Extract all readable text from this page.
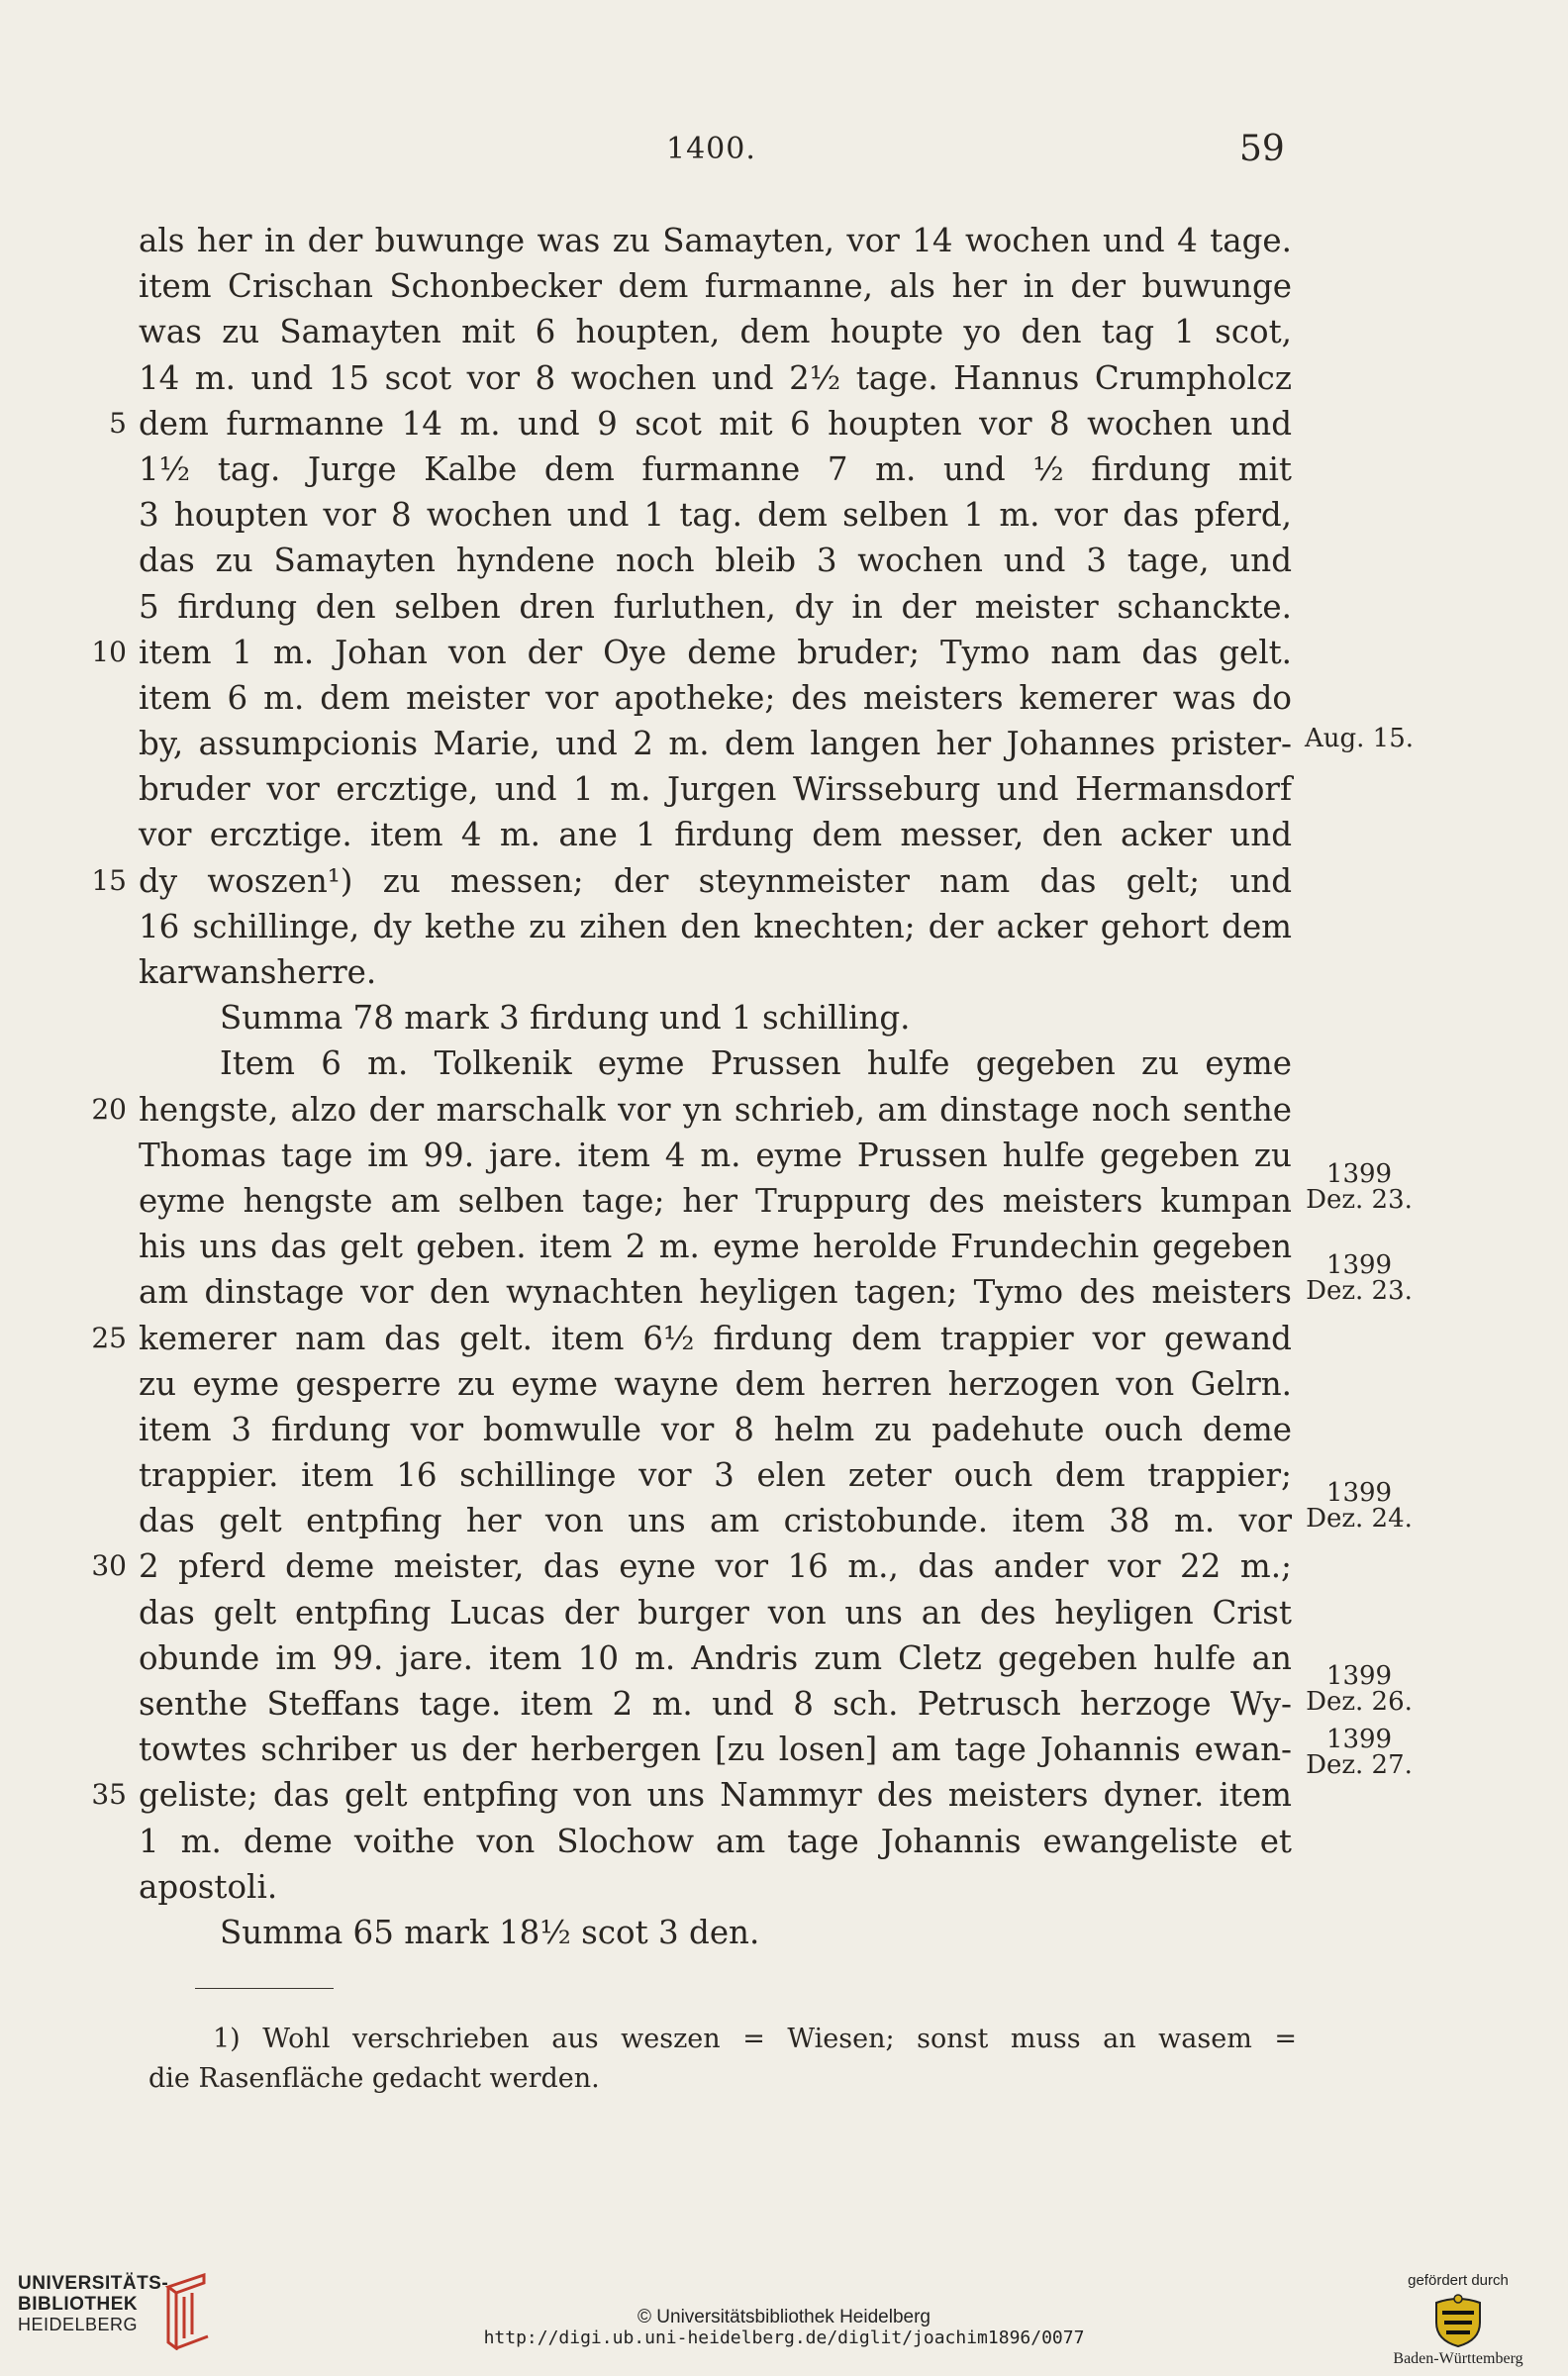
1400.	59
als her in der buwunge was zu Samayten, vor 14 wochen und 4 tage.
item Crischan Schonbecker dem furmanne, als her in der buwunge
was zu Samayten mit 6 houpten, dem houpte yo den tag 1 scot,
14 m. und 15 scot vor 8 wochen und 2½ tage. Hannus Crumpholcz
5 dem furmanne 14 m. und 9 scot mit 6 houpten vor 8 wochen und
1½ tag. Jurge Kalbe dem furmanne 7 m. und ½ firdung mit
3 houpten vor 8 wochen und 1 tag. dem selben 1 m. vor das pferd,
das zu Samayten hyndene noch bleib 3 wochen und 3 tage, und
5 firdung den selben dren furluthen, dy in der meister schanckte.
10 item 1 m. Johan von der Oye deme bruder; Tymo nam das gelt.
item 6 m. dem meister vor apotheke; des meisters kemerer was do
by, assumpcionis Marie, und 2 m. dem langen her Johannes prister-
bruder vor ercztige, und 1 m. Jurgen Wirsseburg und Hermansdorf
vor ercztige. item 4 m. ane 1 firdung dem messer, den acker und
15 dy woszen¹) zu messen; der steynmeister nam das gelt; und
16 schillinge, dy kethe zu zihen den knechten; der acker gehort dem
karwansherre.
Summa 78 mark 3 firdung und 1 schilling.
Item 6 m. Tolkenik eyme Prussen hulfe gegeben zu eyme
20 hengste, alzo der marschalk vor yn schrieb, am dinstage noch senthe
Thomas tage im 99. jare. item 4 m. eyme Prussen hulfe gegeben zu
eyme hengste am selben tage; her Truppurg des meisters kumpan
his uns das gelt geben. item 2 m. eyme herolde Frundechin gegeben
am dinstage vor den wynachten heyligen tagen; Tymo des meisters
25 kemerer nam das gelt. item 6½ firdung dem trappier vor gewand
zu eyme gesperre zu eyme wayne dem herren herzogen von Gelrn.
item 3 firdung vor bomwulle vor 8 helm zu padehute ouch deme
trappier. item 16 schillinge vor 3 elen zeter ouch dem trappier;
das gelt entpfing her von uns am cristobunde. item 38 m. vor
30 2 pferd deme meister, das eyne vor 16 m., das ander vor 22 m.;
das gelt entpfing Lucas der burger von uns an des heyligen Crist
obunde im 99. jare. item 10 m. Andris zum Cletz gegeben hulfe an
senthe Steffans tage. item 2 m. und 8 sch. Petrusch herzoge Wy-
towtes schriber us der herbergen [zu losen] am tage Johannis ewan-
35 geliste; das gelt entpfing von uns Nammyr des meisters dyner. item
1 m. deme voithe von Slochow am tage Johannis ewangeliste et
apostoli.
Summa 65 mark 18½ scot 3 den.
Aug. 15.
1399
Dez. 23.
1399
Dez. 23.
1399
Dez. 24.
1399
Dez. 26.
1399
Dez. 27.
1) Wohl verschrieben aus weszen = Wiesen; sonst muss an wasem =
die Rasenfläche gedacht werden.
UNIVERSITÄTS-
BIBLIOTHEK
HEIDELBERG	© Universitätsbibliothek Heidelberg
http://digi.ub.uni-heidelberg.de/diglit/joachim1896/0077
gefördert durch
Baden-Württemberg
